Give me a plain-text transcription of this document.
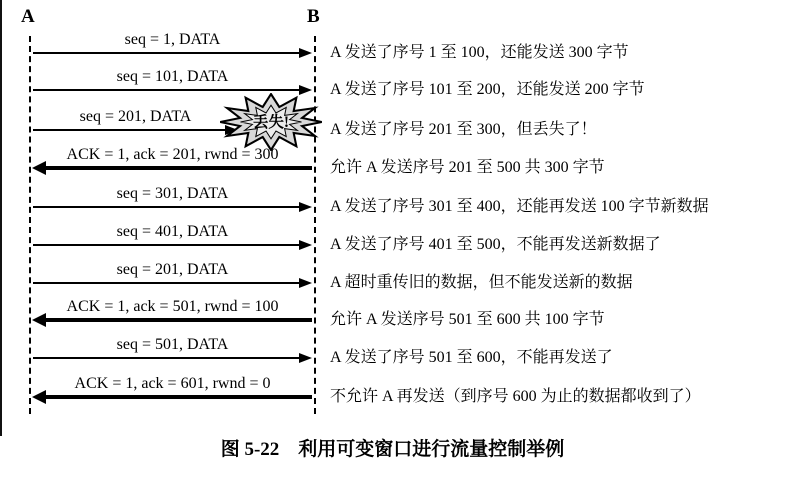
A	B
seq = 1, DATA
A 发送了序号 1 至 100，还能发送 300 字节
seq = 101, DATA
A 发送了序号 101 至 200，还能发送 200 字节
seq = 201, DATA
A 发送了序号 201 至 300，但丢失了！
ACK = 1, ack = 201, rwnd = 300
允许 A 发送序号 201 至 500 共 300 字节
seq = 301, DATA
A 发送了序号 301 至 400，还能再发送 100 字节新数据
seq = 401, DATA
A 发送了序号 401 至 500，不能再发送新数据了
seq = 201, DATA
A 超时重传旧的数据，但不能发送新的数据
ACK = 1, ack = 501, rwnd = 100
允许 A 发送序号 501 至 600 共 100 字节
seq = 501, DATA
A 发送了序号 501 至 600，不能再发送了
ACK = 1, ack = 601, rwnd = 0
不允许 A 再发送（到序号 600 为止的数据都收到了）
丢失!
图 5-22　利用可变窗口进行流量控制举例
